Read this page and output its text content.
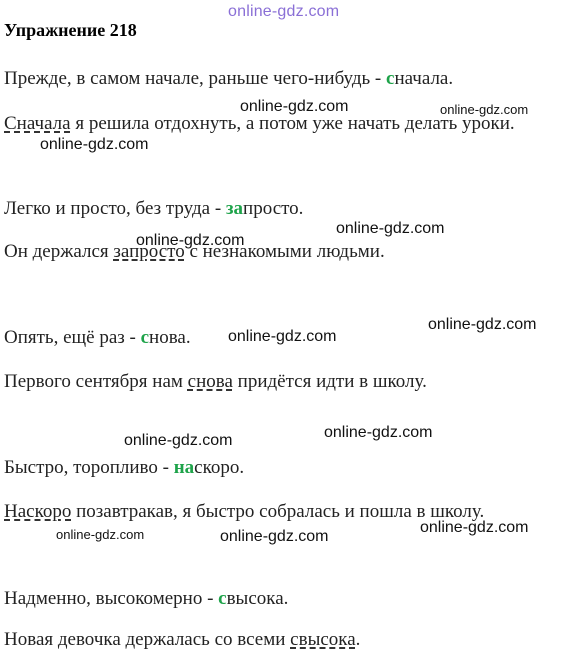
online-gdz.com
Упражнение 218
Прежде, в самом начале, раньше чего-нибудь - сначала.
Сначала я решила отдохнуть, а потом уже начать делать уроки.
Легко и просто, без труда - запросто.
Он держался запросто с незнакомыми людьми.
Опять, ещё раз - снова.
Первого сентября нам снова придётся идти в школу.
Быстро, торопливо - наскоро.
Наскоро позавтракав, я быстро собралась и пошла в школу.
Надменно, высокомерно - свысока.
Новая девочка держалась со всеми свысока.
online-gdz.com	online-gdz.com
online-gdz.com
online-gdz.com
online-gdz.com
online-gdz.com
online-gdz.com
online-gdz.com
online-gdz.com
online-gdz.com
online-gdz.com	online-gdz.com
